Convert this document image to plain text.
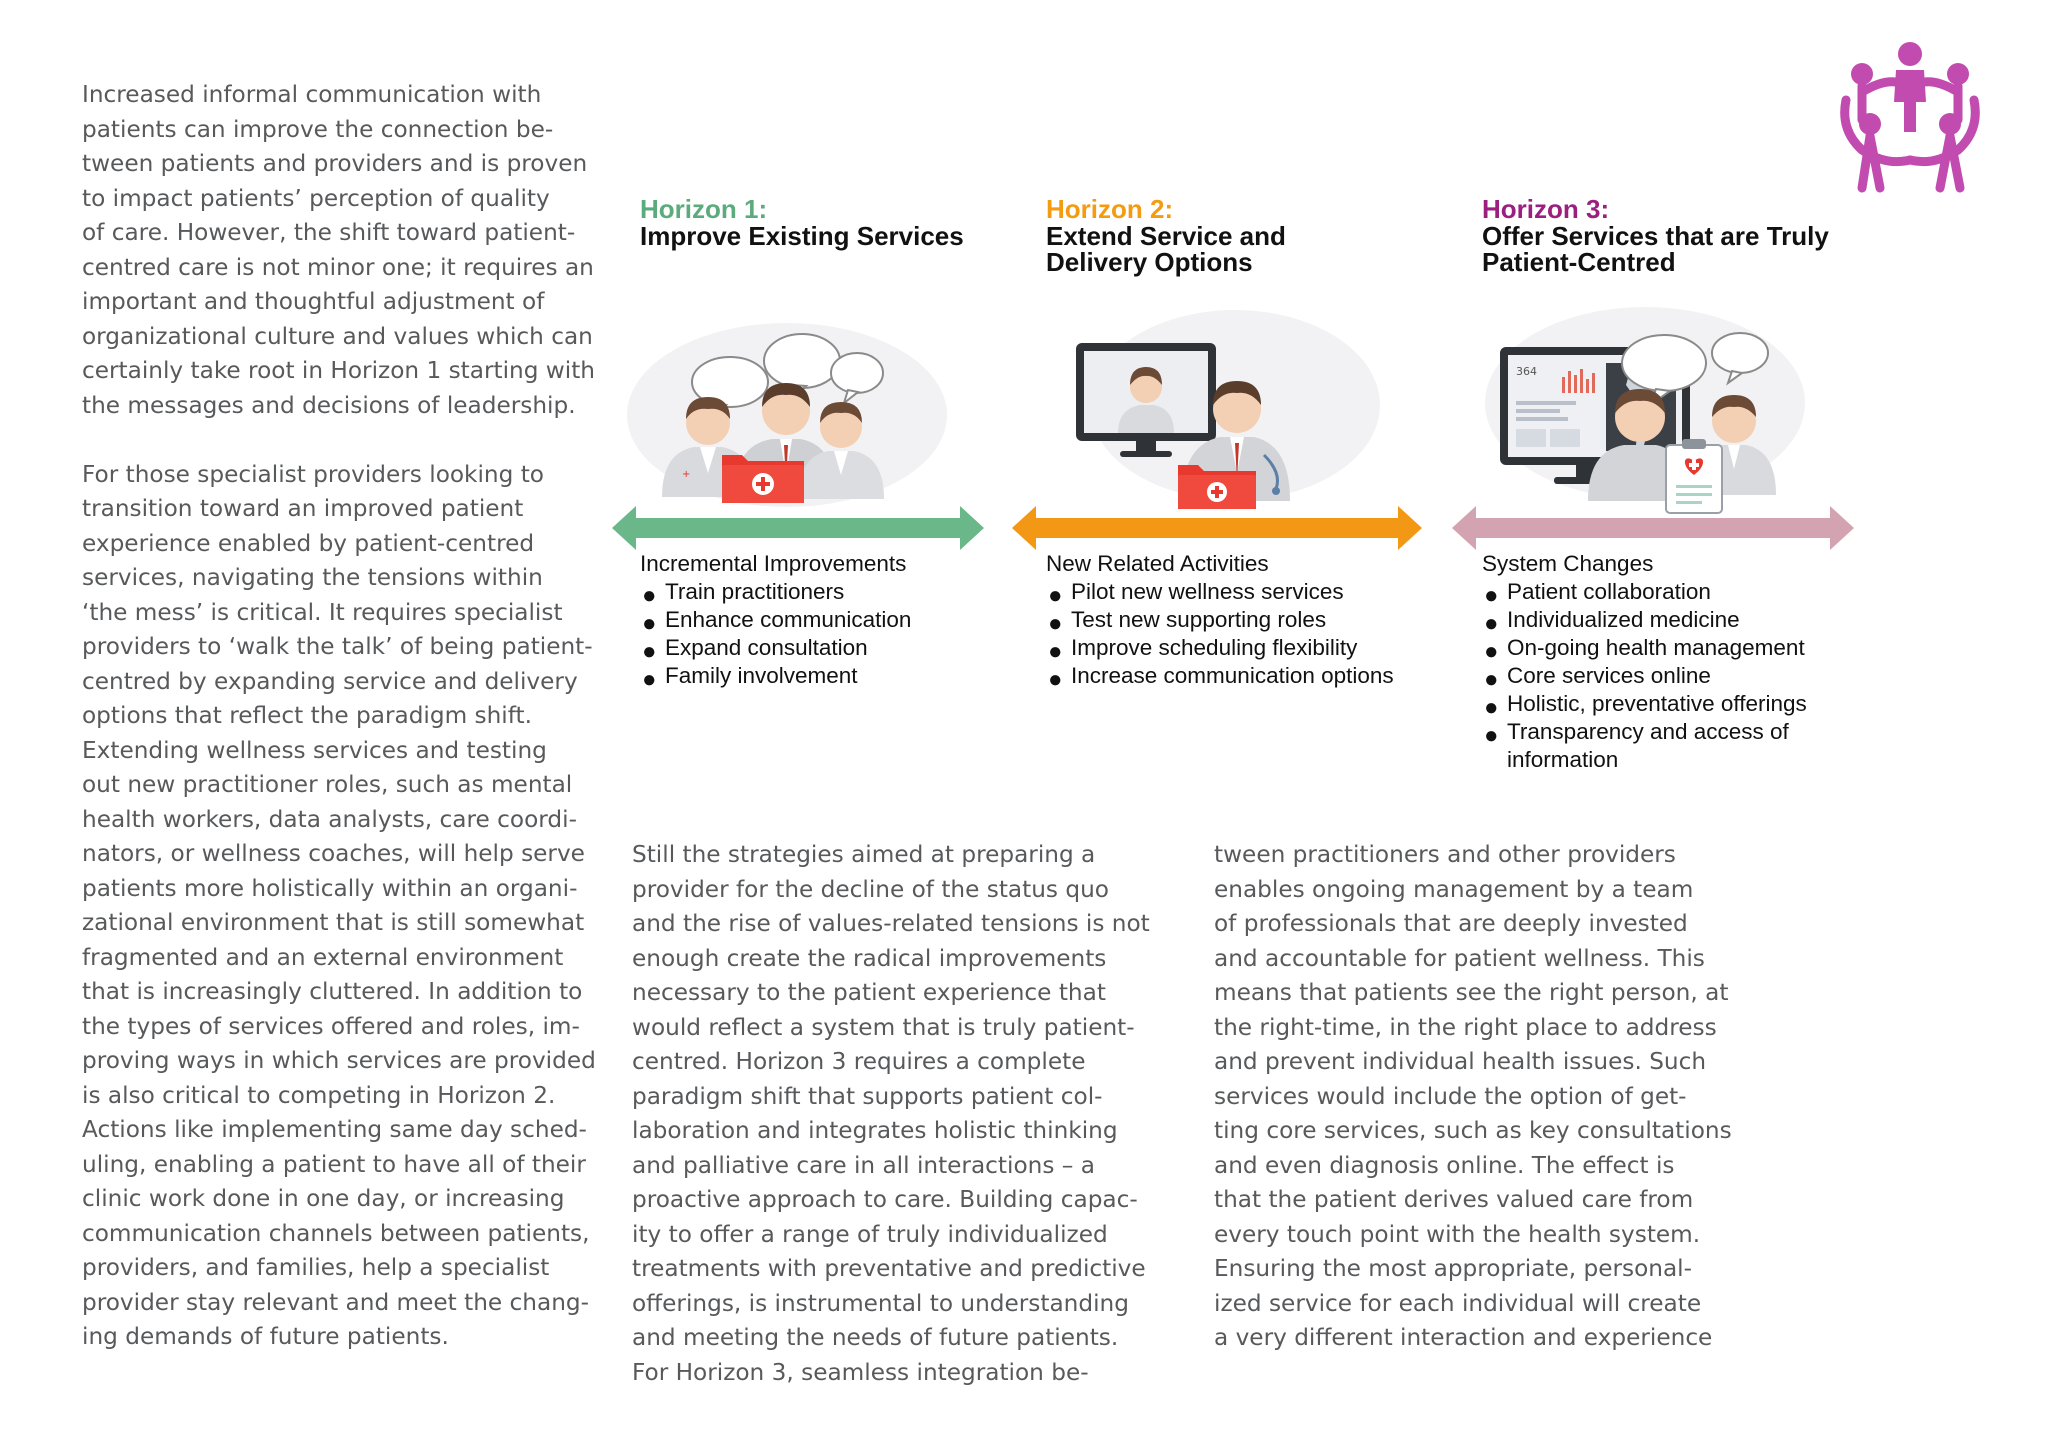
Increased informal communication with
patients can improve the connection be-
tween patients and providers and is proven
to impact patients’ perception of quality
of care. However, the shift toward patient-
centred care is not minor one; it requires an
important and thoughtful adjustment of
organizational culture and values which can
certainly take root in Horizon 1 starting with
the messages and decisions of leadership.

For those specialist providers looking to
transition toward an improved patient
experience enabled by patient-centred
services, navigating the tensions within
‘the mess’ is critical. It requires specialist
providers to ‘walk the talk’ of being patient-
centred by expanding service and delivery
options that reflect the paradigm shift.
Extending wellness services and testing
out new practitioner roles, such as mental
health workers, data analysts, care coordi-
nators, or wellness coaches, will help serve
patients more holistically within an organi-
zational environment that is still somewhat
fragmented and an external environment
that is increasingly cluttered. In addition to
the types of services offered and roles, im-
proving ways in which services are provided
is also critical to competing in Horizon 2.
Actions like implementing same day sched-
uling, enabling a patient to have all of their
clinic work done in one day, or increasing
communication channels between patients,
providers, and families, help a specialist
provider stay relevant and meet the chang-
ing demands of future patients.
Horizon 1:
Improve Existing Services
Horizon 2:
Extend Service and
Delivery Options
Horizon 3:
Offer Services that are Truly
Patient-Centred
+
364
Incremental Improvements
● Train practitioners
● Enhance communication
● Expand consultation
● Family involvement
New Related Activities
● Pilot new wellness services
● Test new supporting roles
● Improve scheduling flexibility
● Increase communication options
System Changes
● Patient collaboration
● Individualized medicine
● On-going health management
● Core services online
● Holistic, preventative offerings
● Transparency and access of information
Still the strategies aimed at preparing a
provider for the decline of the status quo
and the rise of values-related tensions is not
enough create the radical improvements
necessary to the patient experience that
would reflect a system that is truly patient-
centred. Horizon 3 requires a complete
paradigm shift that supports patient col-
laboration and integrates holistic thinking
and palliative care in all interactions – a
proactive approach to care. Building capac-
ity to offer a range of truly individualized
treatments with preventative and predictive
offerings, is instrumental to understanding
and meeting the needs of future patients.
For Horizon 3, seamless integration be-
tween practitioners and other providers
enables ongoing management by a team
of professionals that are deeply invested
and accountable for patient wellness. This
means that patients see the right person, at
the right-time, in the right place to address
and prevent individual health issues. Such
services would include the option of get-
ting core services, such as key consultations
and even diagnosis online. The effect is
that the patient derives valued care from
every touch point with the health system.
Ensuring the most appropriate, personal-
ized service for each individual will create
a very different interaction and experience
